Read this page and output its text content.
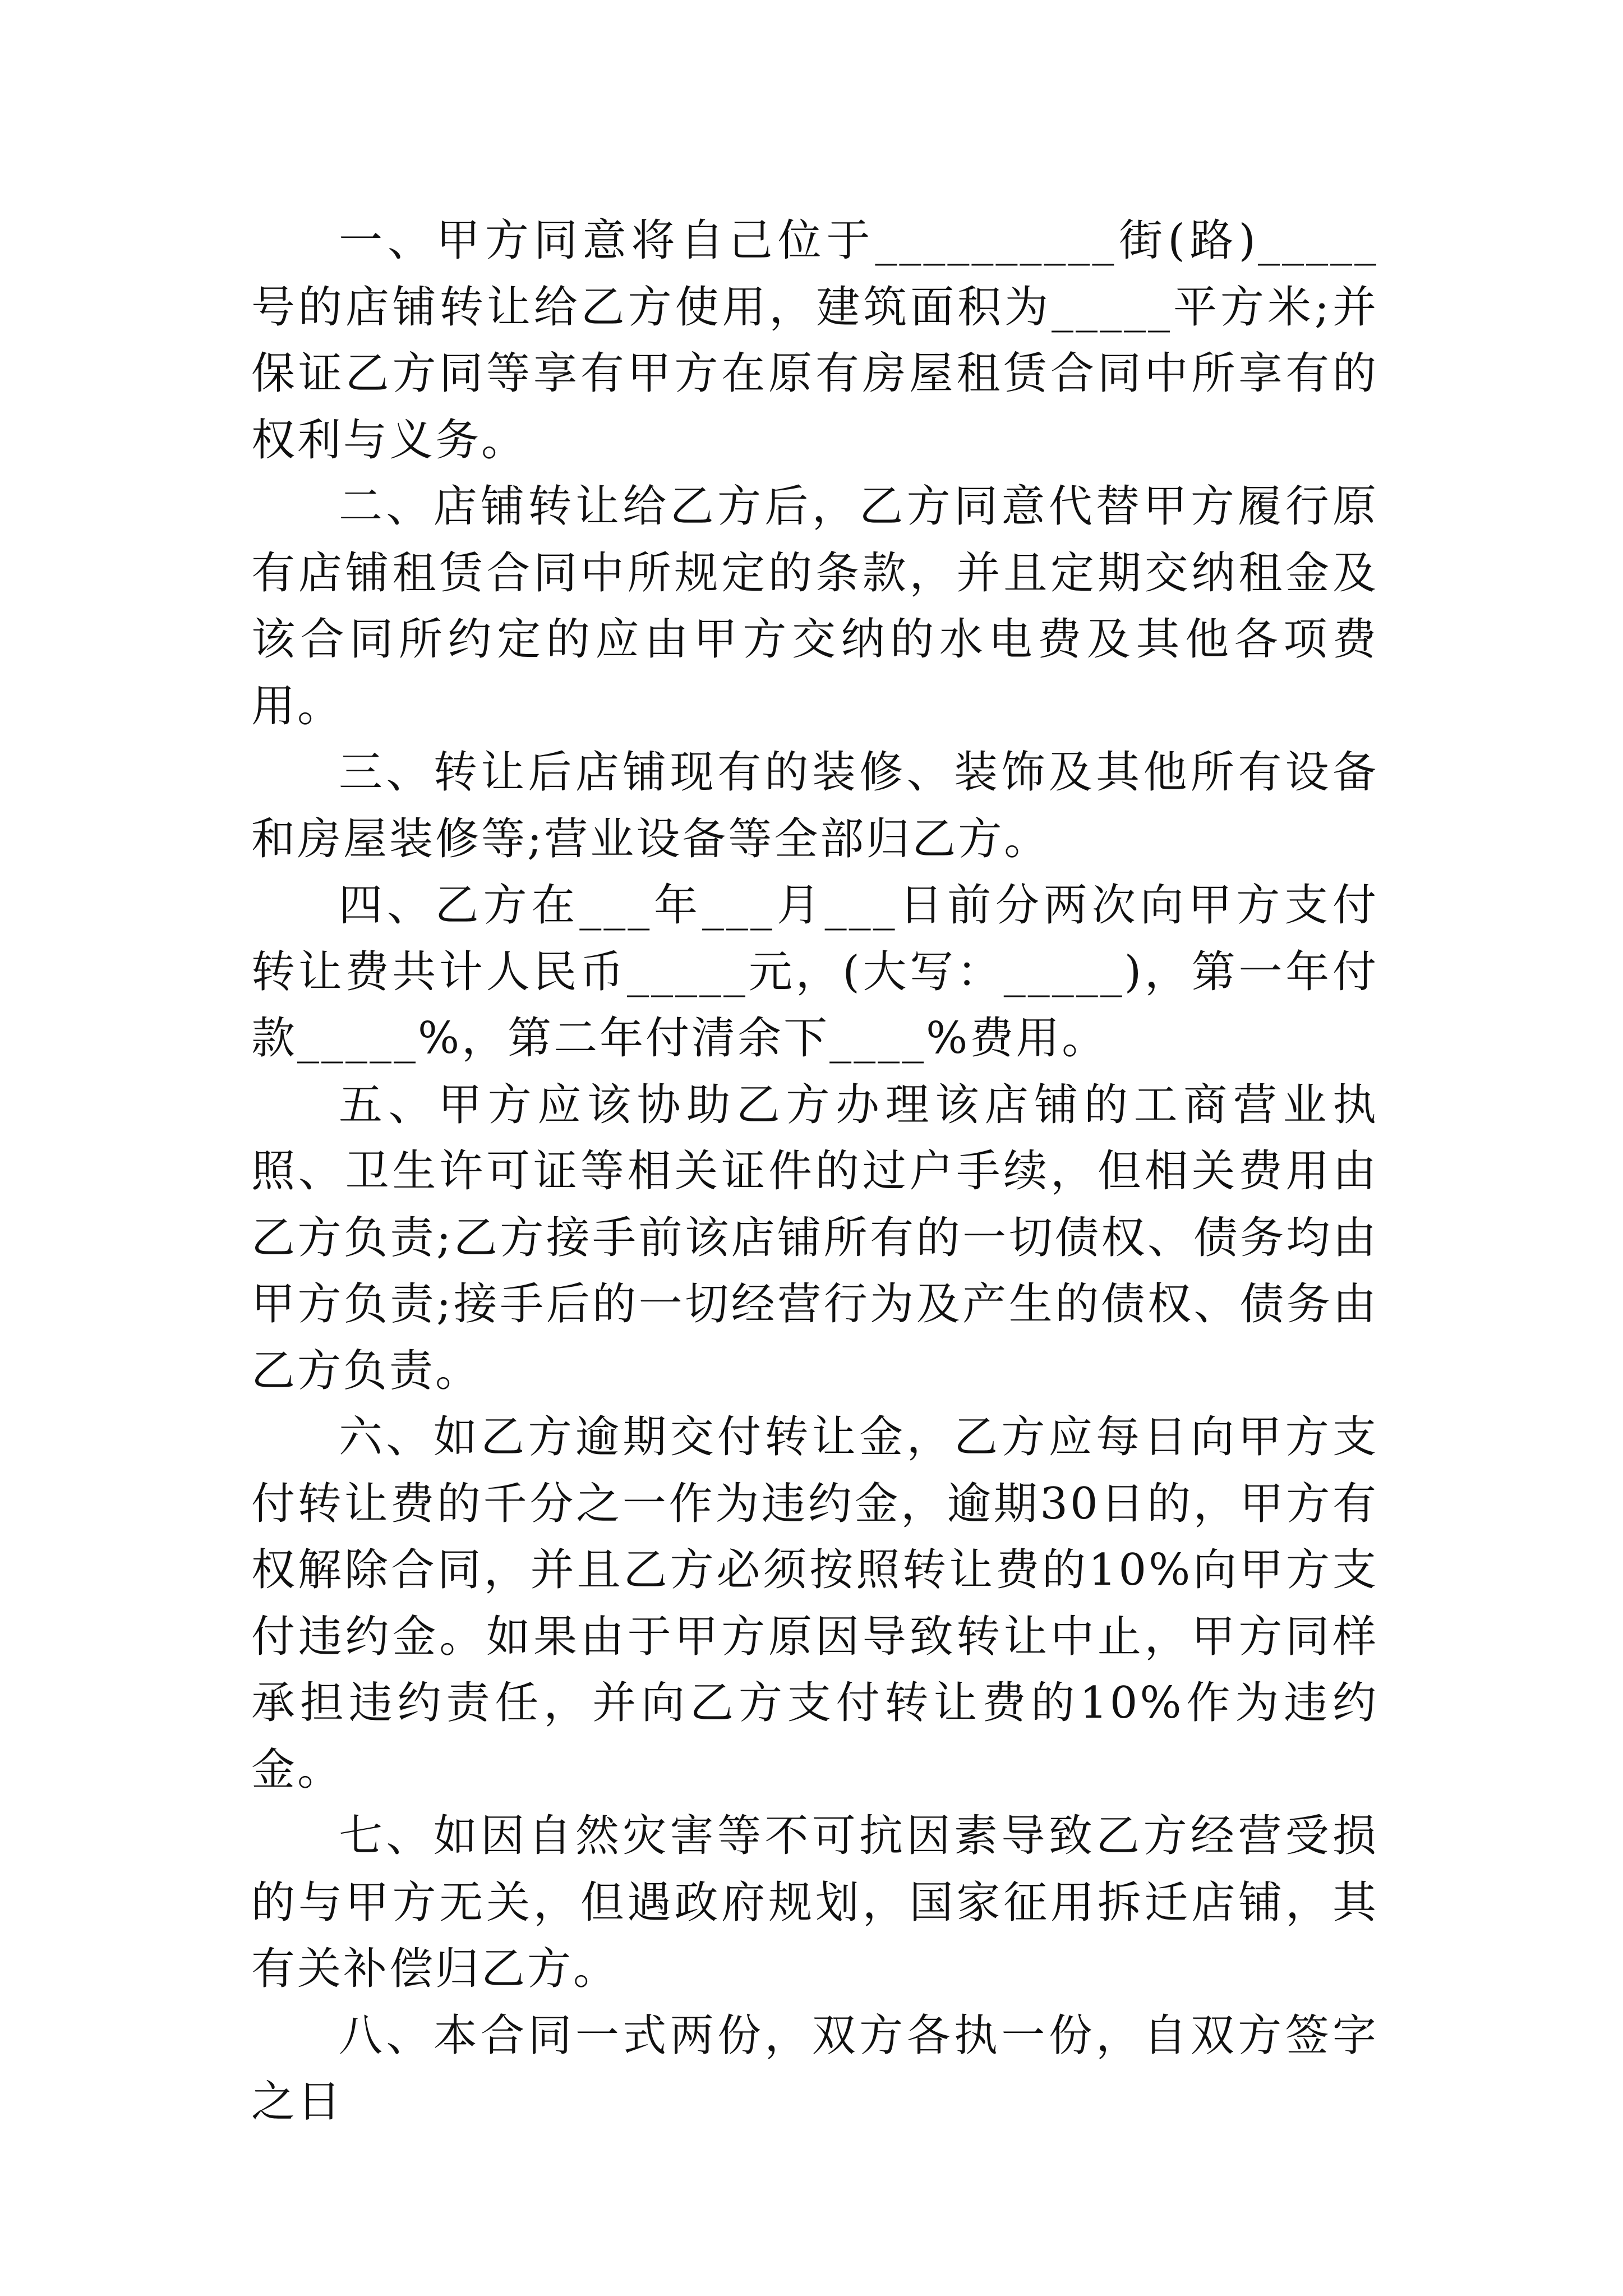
一、甲方同意将自己位于__________街(路)_____号的店铺转让给乙方使用，建筑面积为_____平方米;并保证乙方同等享有甲方在原有房屋租赁合同中所享有的权利与义务。

二、店铺转让给乙方后，乙方同意代替甲方履行原有店铺租赁合同中所规定的条款，并且定期交纳租金及该合同所约定的应由甲方交纳的水电费及其他各项费用。

三、转让后店铺现有的装修、装饰及其他所有设备和房屋装修等;营业设备等全部归乙方。

四、乙方在___年___月___日前分两次向甲方支付转让费共计人民币_____元，(大写：_____)，第一年付款_____%，第二年付清余下____%费用。

五、甲方应该协助乙方办理该店铺的工商营业执照、卫生许可证等相关证件的过户手续，但相关费用由乙方负责;乙方接手前该店铺所有的一切债权、债务均由甲方负责;接手后的一切经营行为及产生的债权、债务由乙方负责。

六、如乙方逾期交付转让金，乙方应每日向甲方支付转让费的千分之一作为违约金，逾期30日的，甲方有权解除合同，并且乙方必须按照转让费的10%向甲方支付违约金。如果由于甲方原因导致转让中止，甲方同样承担违约责任，并向乙方支付转让费的10%作为违约金。

七、如因自然灾害等不可抗因素导致乙方经营受损的与甲方无关，但遇政府规划，国家征用拆迁店铺，其有关补偿归乙方。

八、本合同一式两份，双方各执一份，自双方签字之日
